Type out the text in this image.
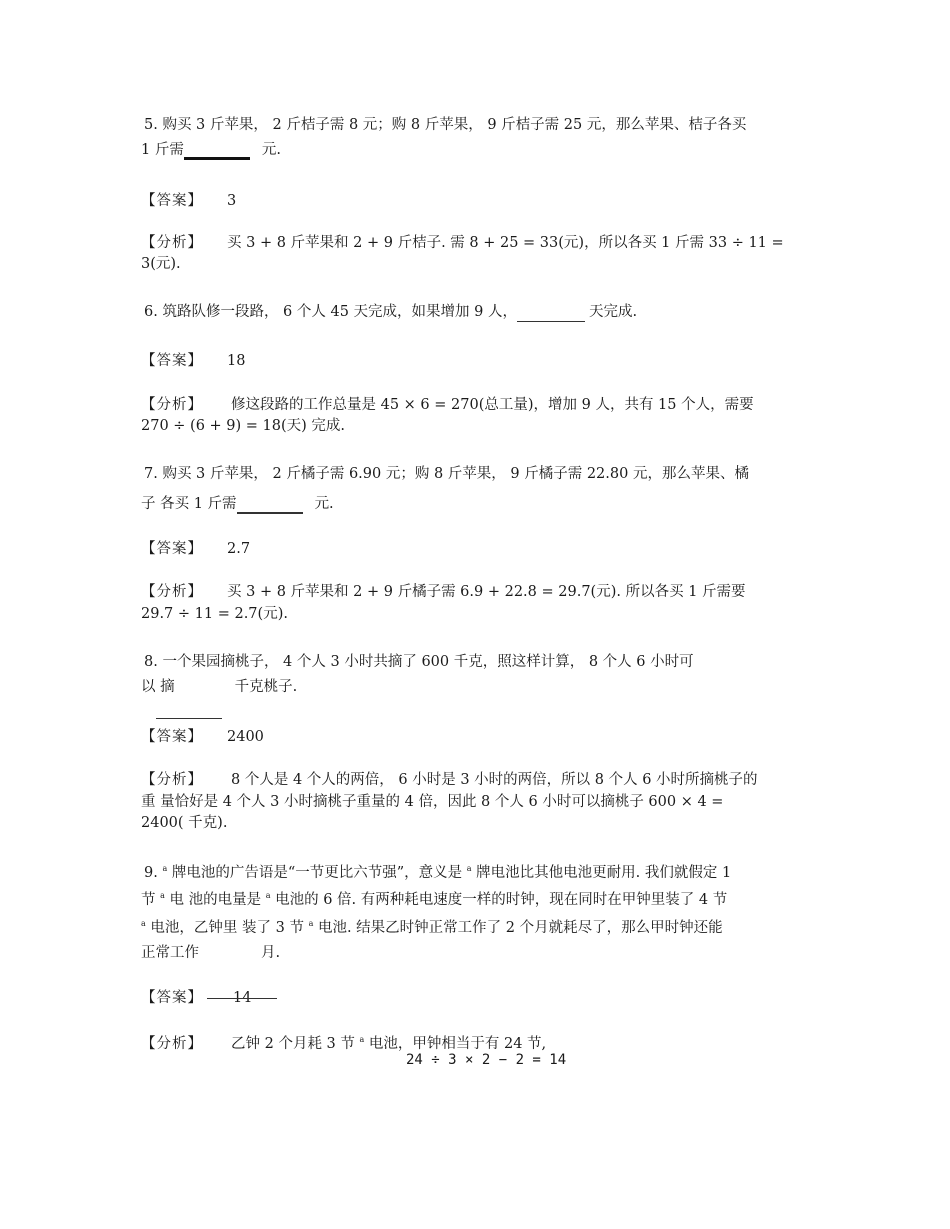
5. 购买 3 斤苹果， 2 斤桔子需 8 元；购 8 斤苹果， 9 斤桔子需 25 元，那么苹果、桔子各买
1 斤需	元.
【答案】 3
【分析】 买 3 + 8 斤苹果和 2 + 9 斤桔子. 需 8 + 25 = 33(元)，所以各买 1 斤需 33 ÷ 11 =
3(元).
6. 筑路队修一段路， 6 个人 45 天完成，如果增加 9 人，	天完成.
【答案】 18
【分析】 修这段路的工作总量是 45 × 6 = 270(总工量)，增加 9 人，共有 15 个人，需要
270 ÷ (6 + 9) = 18(天) 完成.
7. 购买 3 斤苹果， 2 斤橘子需 6.90 元；购 8 斤苹果， 9 斤橘子需 22.80 元，那么苹果、橘
子 各买 1 斤需	元.
【答案】 2.7
【分析】 买 3 + 8 斤苹果和 2 + 9 斤橘子需 6.9 + 22.8 = 29.7(元). 所以各买 1 斤需要
29.7 ÷ 11 = 2.7(元).
8. 一个果园摘桃子， 4 个人 3 小时共摘了 600 千克，照这样计算， 8 个人 6 小时可
以 摘	千克桃子.
【答案】 2400
【分析】 8 个人是 4 个人的两倍， 6 小时是 3 小时的两倍，所以 8 个人 6 小时所摘桃子的
重 量恰好是 4 个人 3 小时摘桃子重量的 4 倍，因此 8 个人 6 小时可以摘桃子 600 × 4 =
2400( 千克).
9. $^a$ 牌电池的广告语是“一节更比六节强”，意义是 $^a$ 牌电池比其他电池更耐用. 我们就假定 1
节 $^a$ 电 池的电量是 $^a$ 电池的 6 倍. 有两种耗电速度一样的时钟，现在同时在甲钟里装了 4 节
$^a$ 电池，乙钟里 装了 3 节 $^a$ 电池. 结果乙时钟正常工作了 2 个月就耗尽了，那么甲时钟还能
正常工作	月.
【答案】 14
【分析】 乙钟 2 个月耗 3 节 $^a$ 电池，甲钟相当于有 24 节,
24 ÷ 3 × 2 − 2 = 14
